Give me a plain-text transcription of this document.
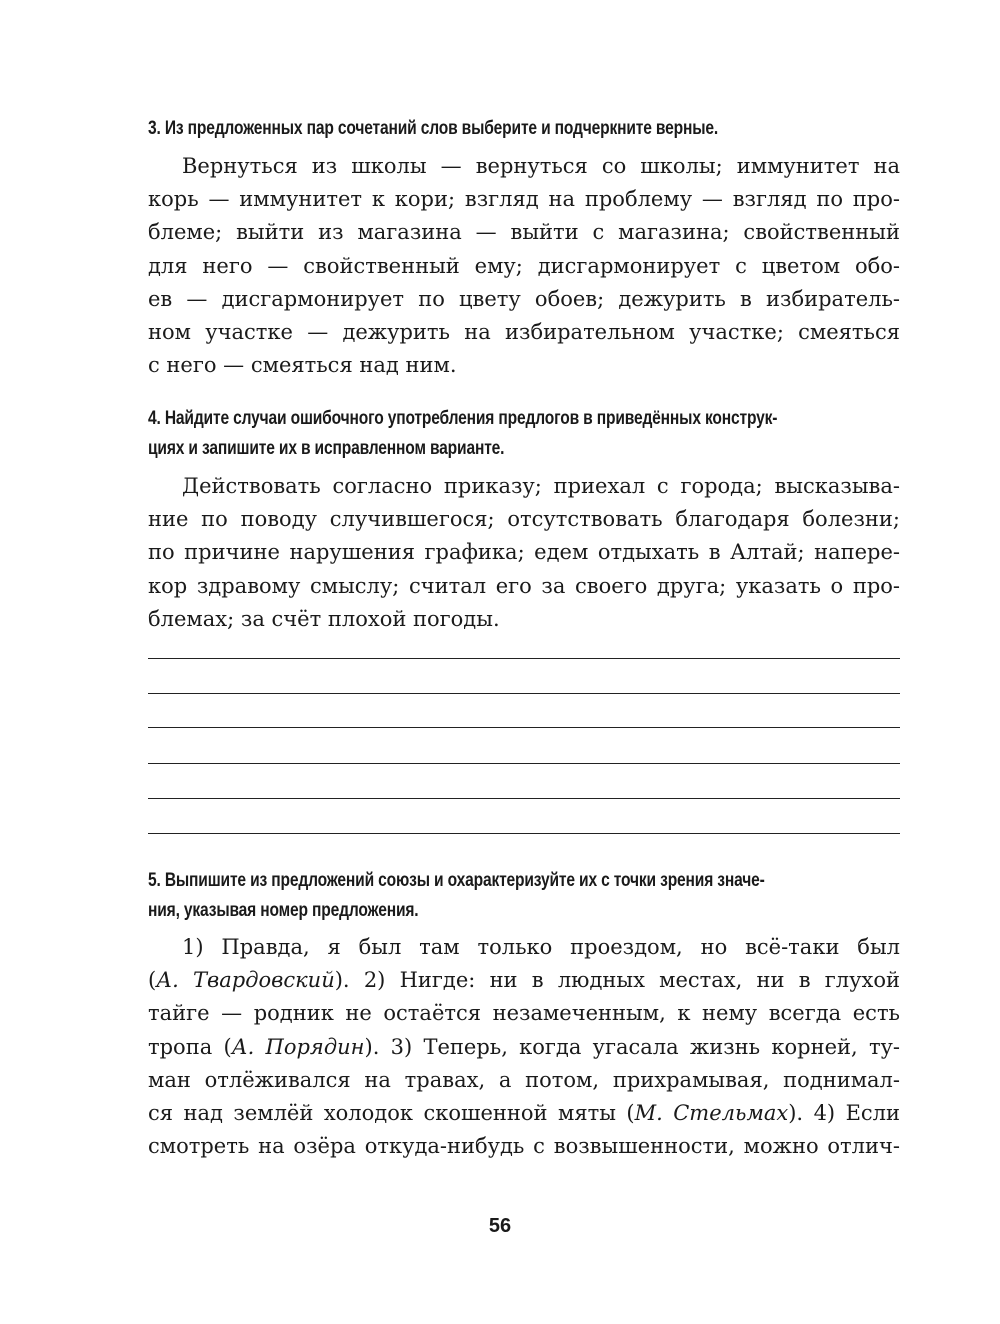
3. Из предложенных пар сочетаний слов выберите и подчеркните верные.
Вернуться из школы — вернуться со школы; иммунитет на
корь — иммунитет к кори; взгляд на проблему — взгляд по про-
блеме; выйти из магазина — выйти с магазина; свойственный
для него — свойственный ему; дисгармонирует с цветом обо-
ев — дисгармонирует по цвету обоев; дежурить в избиратель-
ном участке — дежурить на избирательном участке; смеяться
с него — смеяться над ним.
4. Найдите случаи ошибочного употребления предлогов в приведённых конструк-
циях и запишите их в исправленном варианте.
Действовать согласно приказу; приехал с города; высказыва-
ние по поводу случившегося; отсутствовать благодаря болезни;
по причине нарушения графика; едем отдыхать в Алтай; напере-
кор здравому смыслу; считал его за своего друга; указать о про-
блемах; за счёт плохой погоды.
5. Выпишите из предложений союзы и охарактеризуйте их с точки зрения значе-
ния, указывая номер предложения.
1) Правда, я был там только проездом, но всё-таки был
(А. Твардовский). 2) Нигде: ни в людных местах, ни в глухой
тайге — родник не остаётся незамеченным, к нему всегда есть
тропа (А. Порядин). 3) Теперь, когда угасала жизнь корней, ту-
ман отлёживался на травах, а потом, прихрамывая, поднимал-
ся над землёй холодок скошенной мяты (М. Стельмах). 4) Если
смотреть на озёра откуда-нибудь с возвышенности, можно отлич-
56
